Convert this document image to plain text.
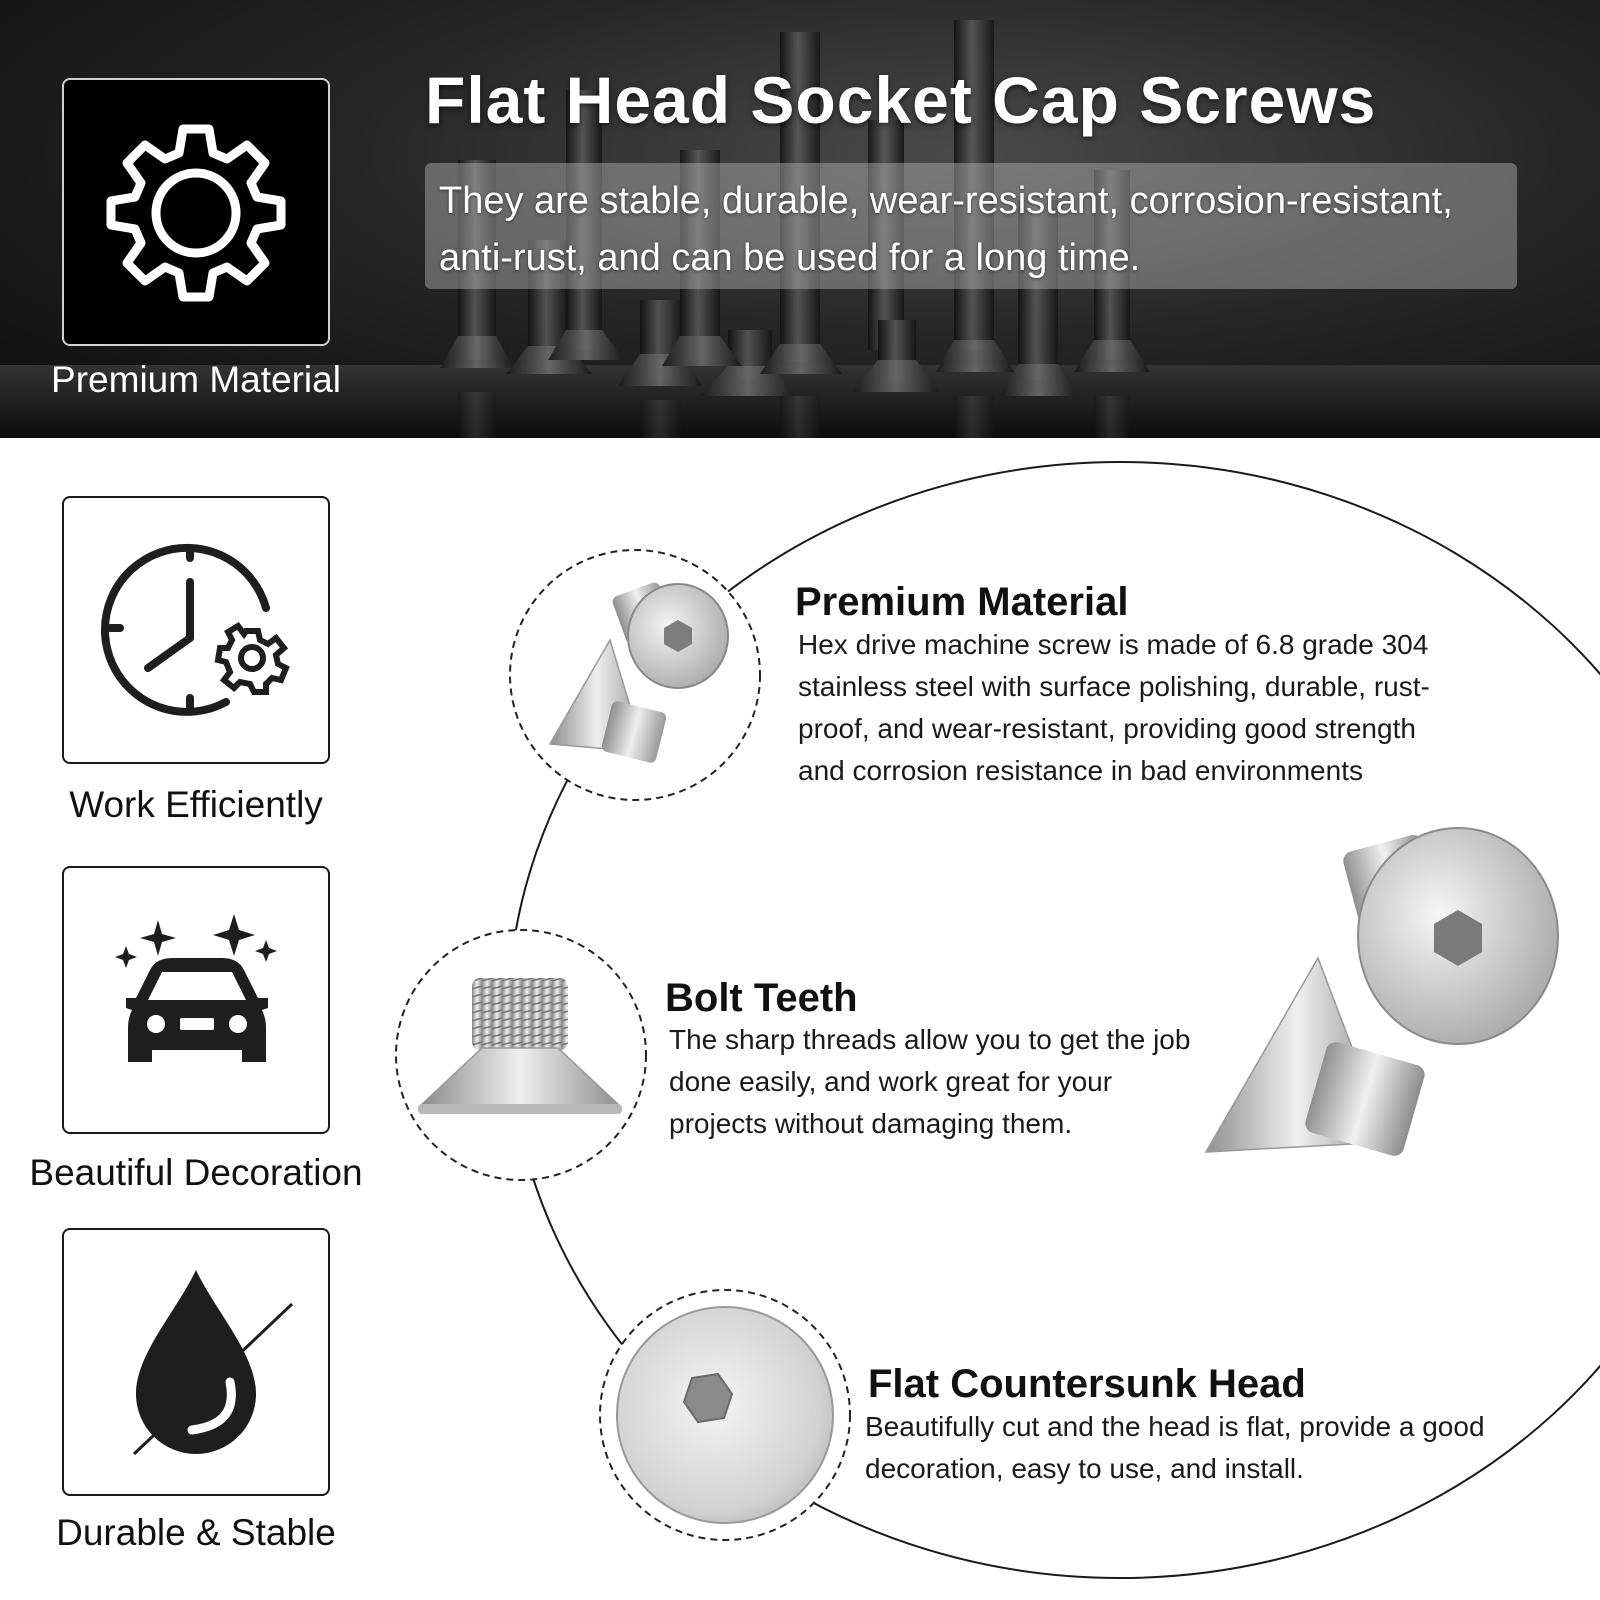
Flat Head Socket Cap Screws
They are stable, durable, wear-resistant, corrosion-resistant, anti-rust, and can be used for a long time.
Premium Material
Work Efficiently
Beautiful Decoration
Durable & Stable
Premium Material

Hex drive machine screw is made of 6.8 grade 304 stainless steel with surface polishing, durable, rust-proof, and wear-resistant, providing good strength and corrosion resistance in bad environments

Bolt Teeth

The sharp threads allow you to get the job done easily, and work great for your projects without damaging them.

Flat Countersunk Head

Beautifully cut and the head is flat, provide a good decoration, easy to use, and install.
